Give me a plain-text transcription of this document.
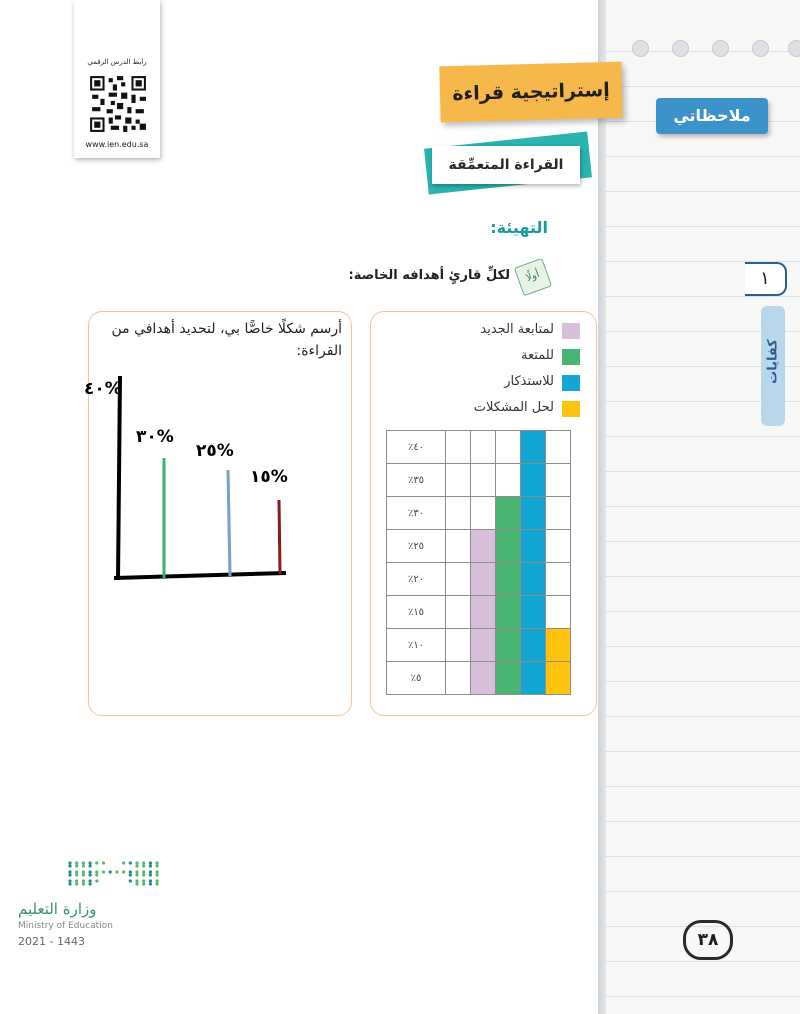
ملاحظاتي
١
كفايات
٣٨
رابط الدرس الرقمي
www.ien.edu.sa
إستراتيجية قراءة
القراءة المتعمِّقة
التهيئة:
أولًا
لكلِّ قارئٍ أهدافه الخاصة:
لمتابعة الجديد
للمتعة
للاستذكار
لحل المشكلات
٪٤٠					
٪٣٥					
٪٣٠					
٪٢٥					
٪٢٠					
٪١٥					
٪١٠					
٪٥					
أرسم شكلًا خاصًّا بي، لتحديد أهدافي من القراءة:
٤٠%
٣٠%
٢٥%
١٥%
وزارة التعليم
Ministry of Education
2021 - 1443
